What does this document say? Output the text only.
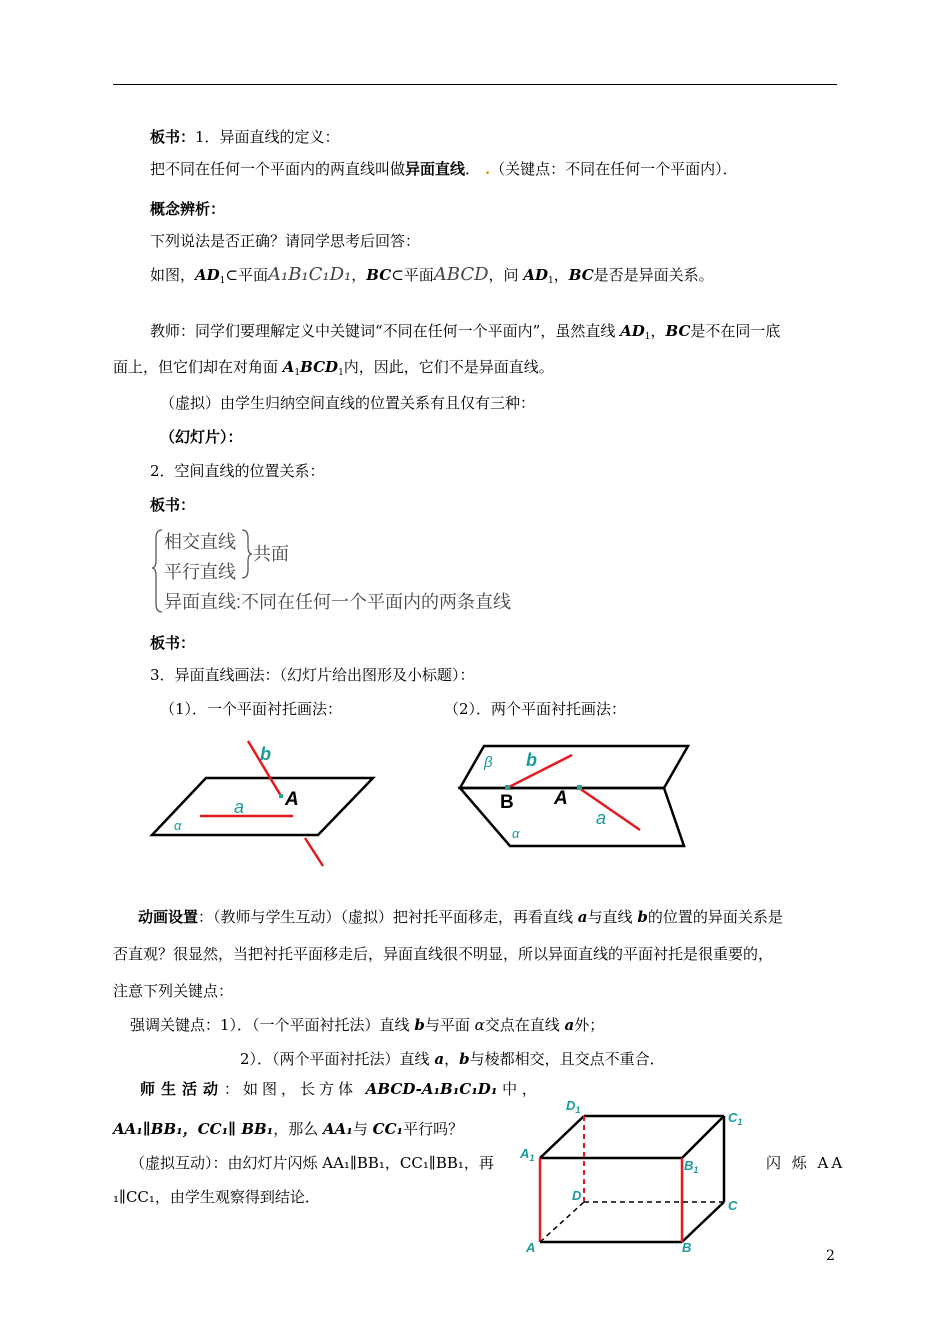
板书：1．异面直线的定义：
把不同在任何一个平面内的两直线叫做异面直线． .（关键点：不同在任何一个平面内）．
概念辨析：
下列说法是否正确？请同学思考后回答：
如图，$AD_1\subset$平面A₁B₁C₁D₁，BC⊂平面ABCD，问 $AD_1$，BC是否是异面关系。
教师：同学们要理解定义中关键词“不同在任何一个平面内”，虽然直线 $AD_1$，BC是不在同一底
面上，但它们却在对角面 $A_1BCD_1$内，因此，它们不是异面直线。
（虚拟）由学生归纳空间直线的位置关系有且仅有三种：
（幻灯片）：
2．空间直线的位置关系：
板书：
相交直线
平行直线
共面
异面直线:不同在任何一个平面内的两条直线
板书：
3．异面直线画法：（幻灯片给出图形及小标题）：
（1）．一个平面衬托画法：	（2）．两个平面衬托画法：
b
A
a
α
β b
B A
a
α
动画设置：（教师与学生互动）（虚拟）把衬托平面移走，再看直线 a与直线 b的位置的异面关系是
否直观？很显然，当把衬托平面移走后，异面直线很不明显，所以异面直线的平面衬托是很重要的，
注意下列关键点：
强调关键点：1）．（一个平面衬托法）直线 b与平面 α交点在直线 a外；
2）．（两个平面衬托法）直线 a，b与棱都相交，且交点不重合．
师生活动：如图，长方体 ABCD-A₁B₁C₁D₁ 中 ，
AA₁∥BB₁，CC₁∥ BB₁，那么 AA₁与 CC₁平行吗？
（虚拟互动）：由幻灯片闪烁 AA₁∥BB₁，CC₁∥BB₁，再	闪 烁 AA
₁∥CC₁，由学生观察得到结论．
$D_1$	$C_1$
$A_1$	$B_1$
D
C
A	B
2
